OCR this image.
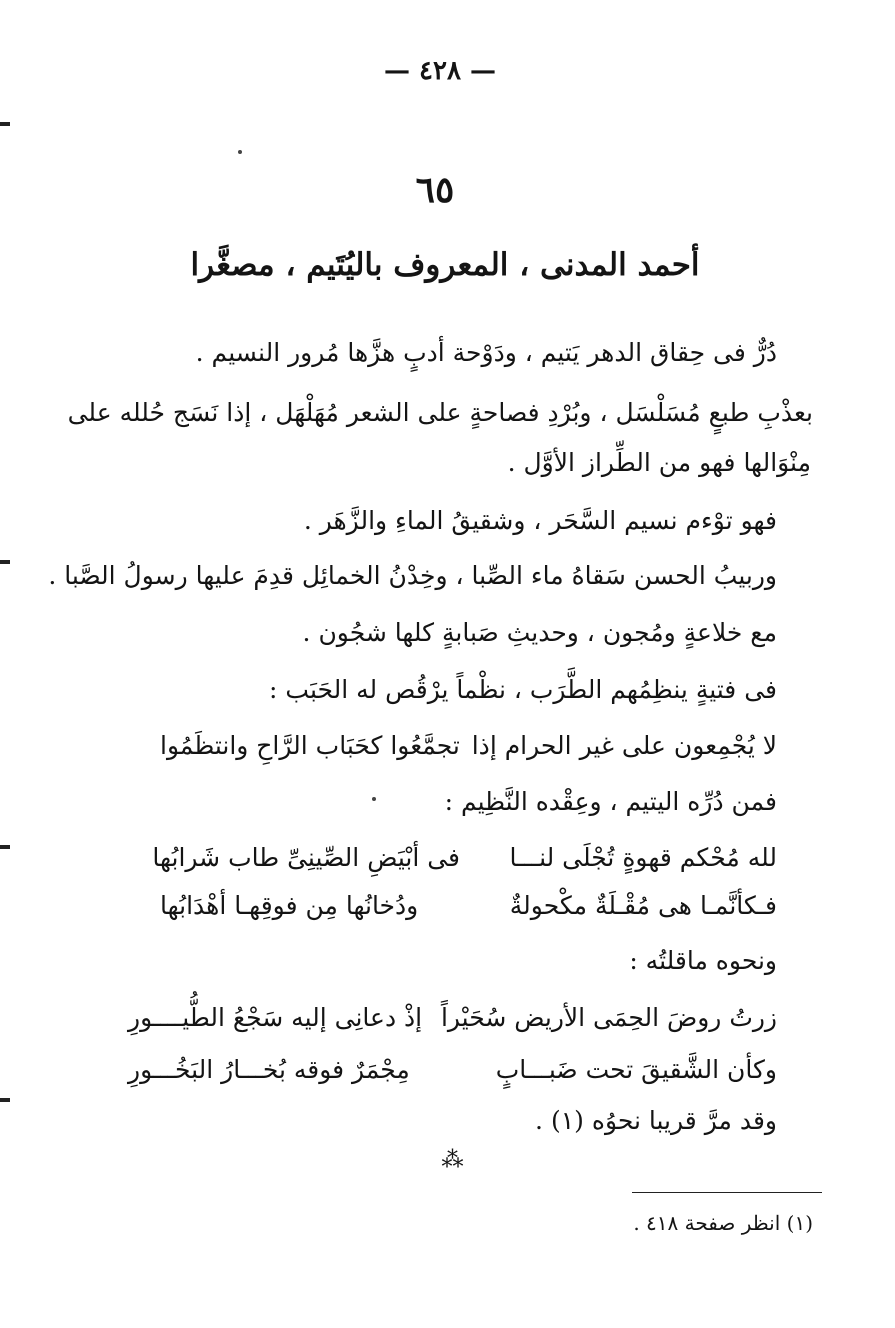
— ٤٢٨ —
٦٥
أحمد المدنى ، المعروف باليُتَيم ، مصغَّرا
دُرٌّ فى حِقاق الدهر يَتيم ، ودَوْحة أدبٍ هزَّها مُرور النسيم .
بعذْبِ طبعٍ مُسَلْسَل ، وبُرْدِ فصاحةٍ على الشعر مُهَلْهَل ، إذا نَسَج حُلله على
مِنْوَالها فهو من الطِّراز الأوَّل .
فهو توْءم نسيم السَّحَر ، وشقيقُ الماءِ والزَّهَر .
وربيبُ الحسن سَقاهُ ماء الصِّبا ، وخِدْنُ الخمائِل قدِمَ عليها رسولُ الصَّبا .
مع خلاعةٍ ومُجون ، وحديثِ صَبابةٍ كلها شجُون .
فى فتيةٍ ينظِمُهم الطَّرَب ، نظْماً يرْقُص له الحَبَب :
لا يُجْمِعون على غير الحرام إذا
تجمَّعُوا كحَبَاب الرَّاحِ وانتظَمُوا
فمن دُرِّه اليتيم ، وعِقْده النَّظِيم :
لله مُحْكم قهوةٍ تُجْلَى لنـــا
فى أبْيَضِ الصِّينِىِّ طاب شَرابُها
فـكأنَّمـا هى مُقْـلَةٌ مكْحولةٌ
ودُخانُها مِن فوقِهـا أهْدَابُها
ونحوه ماقلتُه :
زرتُ روضَ الحِمَى الأريض سُحَيْراً
إذْ دعانِى إليه سَجْعُ الطُّيــــورِ
وكأن الشَّقيقَ تحت ضَبـــابٍ
مِجْمَرٌ فوقه بُخـــارُ البَخُـــورِ
وقد مرَّ قريبا نحوُه (١) .
⁂
(١) انظر صفحة ٤١٨ .
